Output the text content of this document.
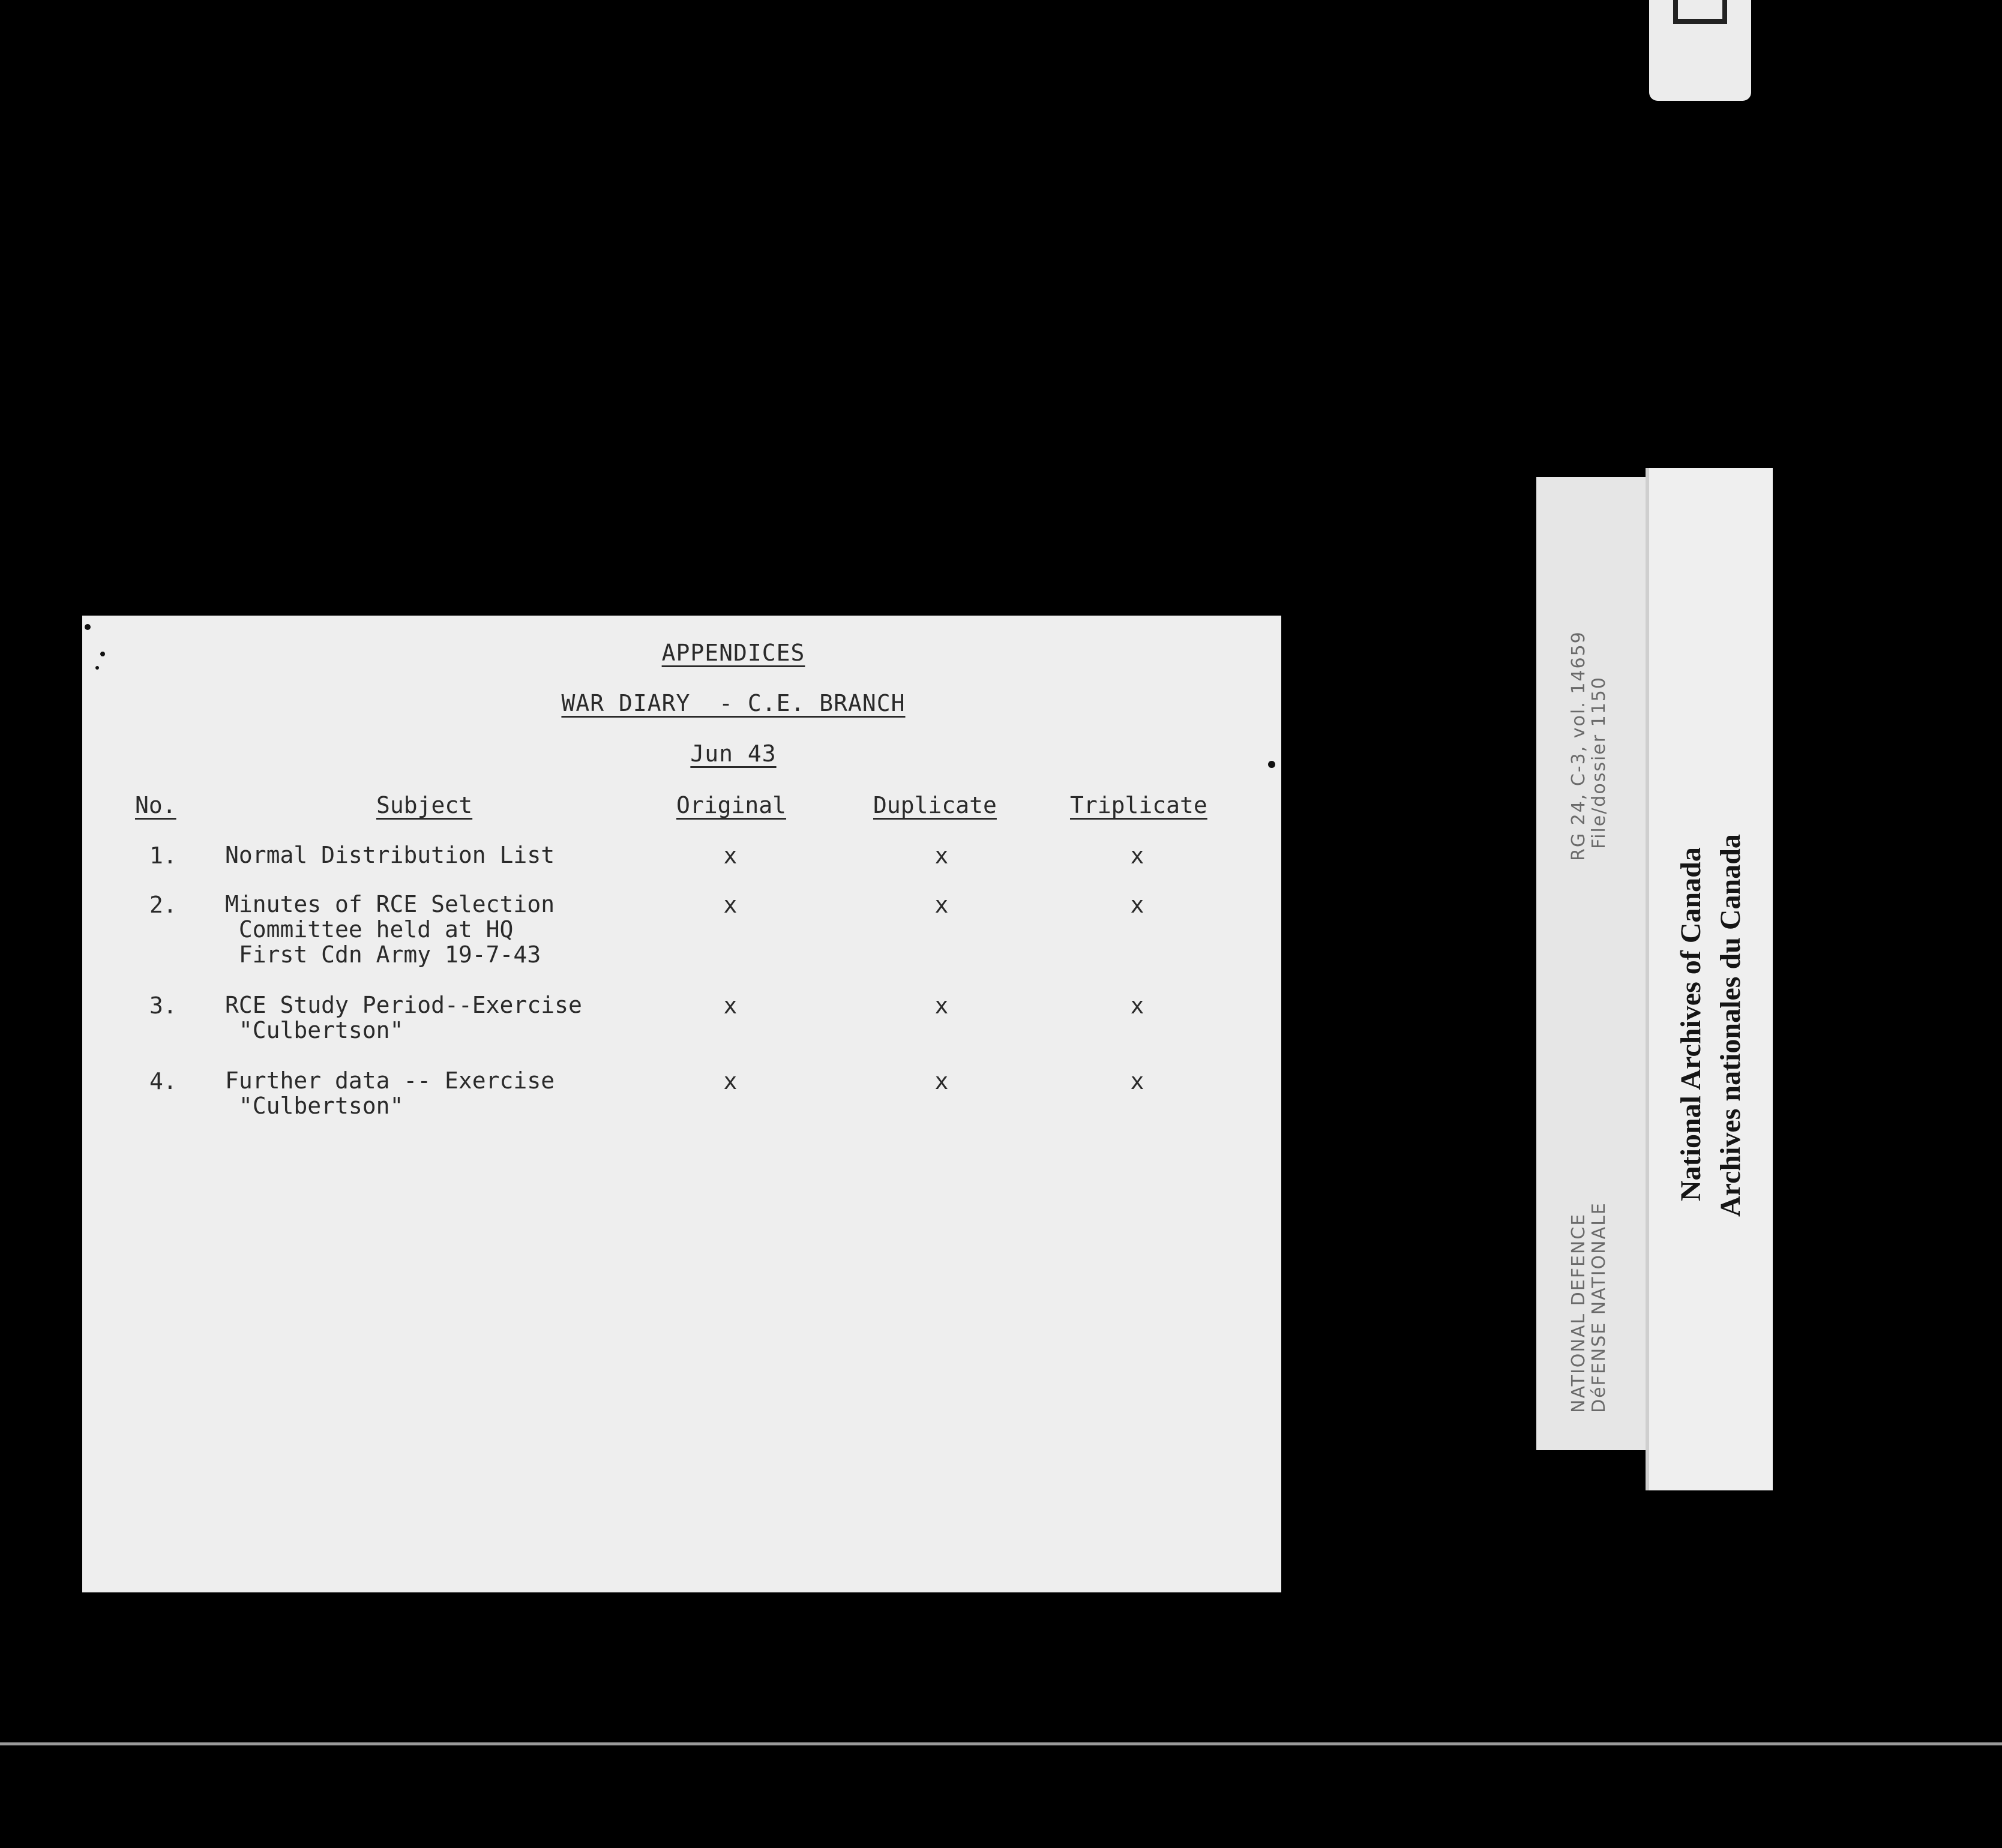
APPENDICES
WAR DIARY  - C.E. BRANCH
Jun 43
No.	Subject	Original	Duplicate	Triplicate
1. Normal Distribution List	x	x	x
2. Minutes of RCE Selection
Committee held at HQ
First Cdn Army 19-7-43
x	x	x
3. RCE Study Period--Exercise
"Culbertson"
x	x	x
4. Further data -- Exercise
"Culbertson"
x	x	x
RG 24, C-3, vol. 14659 File/dossier 1150
NATIONAL DEFENCE DéFENSE NATIONALE
National Archives of Canada Archives nationales du Canada
